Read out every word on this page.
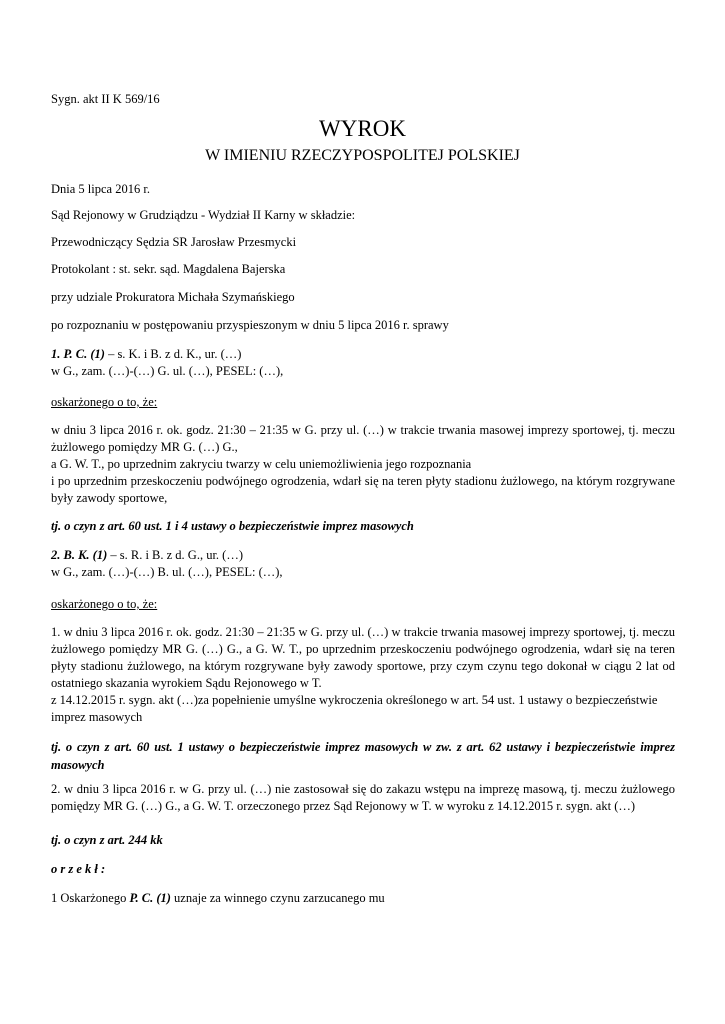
Sygn. akt II K 569/16
WYROK
W IMIENIU RZECZYPOSPOLITEJ POLSKIEJ
Dnia 5 lipca 2016 r.
Sąd Rejonowy w Grudziądzu - Wydział II Karny w składzie:
Przewodniczący Sędzia SR Jarosław Przesmycki
Protokolant : st. sekr. sąd. Magdalena Bajerska
przy udziale Prokuratora Michała Szymańskiego
po rozpoznaniu w postępowaniu przyspieszonym w dniu 5 lipca 2016 r. sprawy
1. P. C. (1) – s. K. i B. z d. K., ur. (…)
w G., zam. (…)-(…) G. ul. (…), PESEL: (…),
oskarżonego o to, że:
w dniu 3 lipca 2016 r. ok. godz. 21:30 – 21:35 w G. przy ul. (…) w trakcie trwania masowej imprezy sportowej, tj. meczu żużlowego pomiędzy MR G. (…) G.,
a G. W. T., po uprzednim zakryciu twarzy w celu uniemożliwienia jego rozpoznania
i po uprzednim przeskoczeniu podwójnego ogrodzenia, wdarł się na teren płyty stadionu żużlowego, na którym rozgrywane były zawody sportowe,
tj. o czyn z art. 60 ust. 1 i 4 ustawy o bezpieczeństwie imprez masowych
2. B. K. (1) – s. R. i B. z d. G., ur. (…)
w G., zam. (…)-(…) B. ul. (…), PESEL: (…),
oskarżonego o to, że:
1. w dniu 3 lipca 2016 r. ok. godz. 21:30 – 21:35 w G. przy ul. (…) w trakcie trwania masowej imprezy sportowej, tj. meczu żużlowego pomiędzy MR G. (…) G., a G. W. T., po uprzednim przeskoczeniu podwójnego ogrodzenia, wdarł się na teren płyty stadionu żużlowego, na którym rozgrywane były zawody sportowe, przy czym czynu tego dokonał w ciągu 2 lat od ostatniego skazania wyrokiem Sądu Rejonowego w T.
z 14.12.2015 r. sygn. akt (…)za popełnienie umyślne wykroczenia określonego w art. 54 ust. 1 ustawy o bezpieczeństwie imprez masowych
tj. o czyn z art. 60 ust. 1 ustawy o bezpieczeństwie imprez masowych w zw. z art. 62 ustawy i bezpieczeństwie imprez masowych
2. w dniu 3 lipca 2016 r. w G. przy ul. (…) nie zastosował się do zakazu wstępu na imprezę masową, tj. meczu żużlowego pomiędzy MR G. (…) G., a G. W. T. orzeczonego przez Sąd Rejonowy w T. w wyroku z 14.12.2015 r. sygn. akt (…)
tj. o czyn z art. 244 kk
o r z e k ł :
1 Oskarżonego P. C. (1) uznaje za winnego czynu zarzucanego mu
